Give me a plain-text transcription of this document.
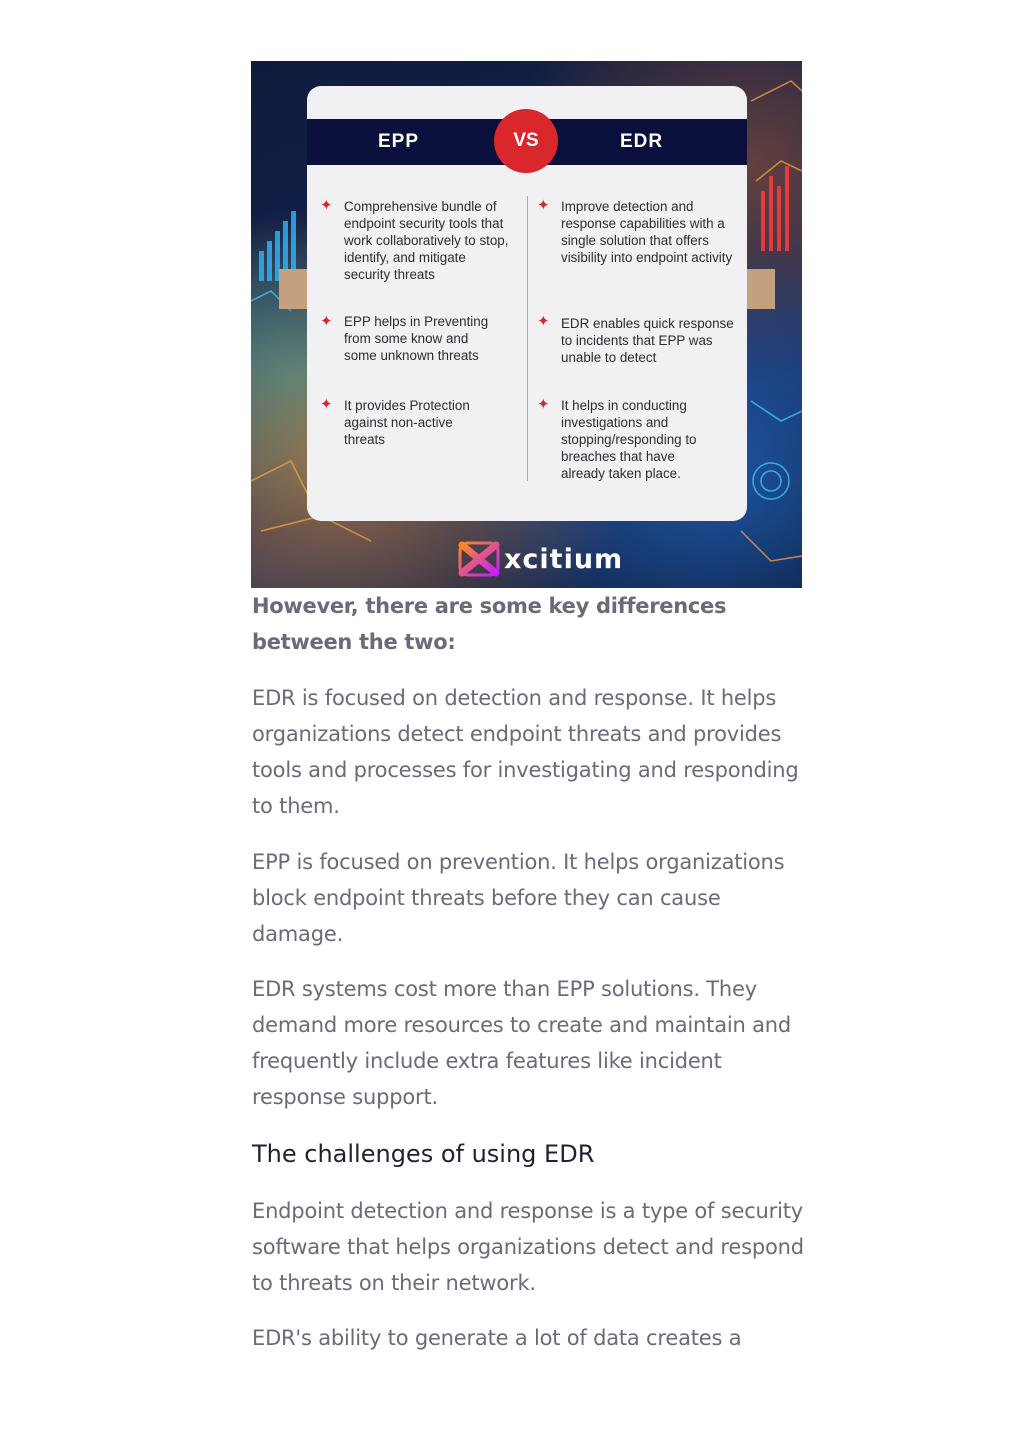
EPP	EDR
VS
✦ Comprehensive bundle of endpoint security tools that work collaboratively to stop, identify, and mitigate security threats
✦ EPP helps in Preventing from some know and some unknown threats
✦ It provides Protection against non-active threats
✦ Improve detection and response capabilities with a single solution that offers visibility into endpoint activity
✦ EDR enables quick response to incidents that EPP was unable to detect
✦ It helps in conducting investigations and stopping/responding to breaches that have already taken place.
xcitium

However, there are some key differences between the two:

EDR is focused on detection and response. It helps organizations detect endpoint threats and provides tools and processes for investigating and responding to them.

EPP is focused on prevention. It helps organizations block endpoint threats before they can cause damage.

EDR systems cost more than EPP solutions. They demand more resources to create and maintain and frequently include extra features like incident response support.

The challenges of using EDR

Endpoint detection and response is a type of security software that helps organizations detect and respond to threats on their network.

EDR's ability to generate a lot of data creates a
